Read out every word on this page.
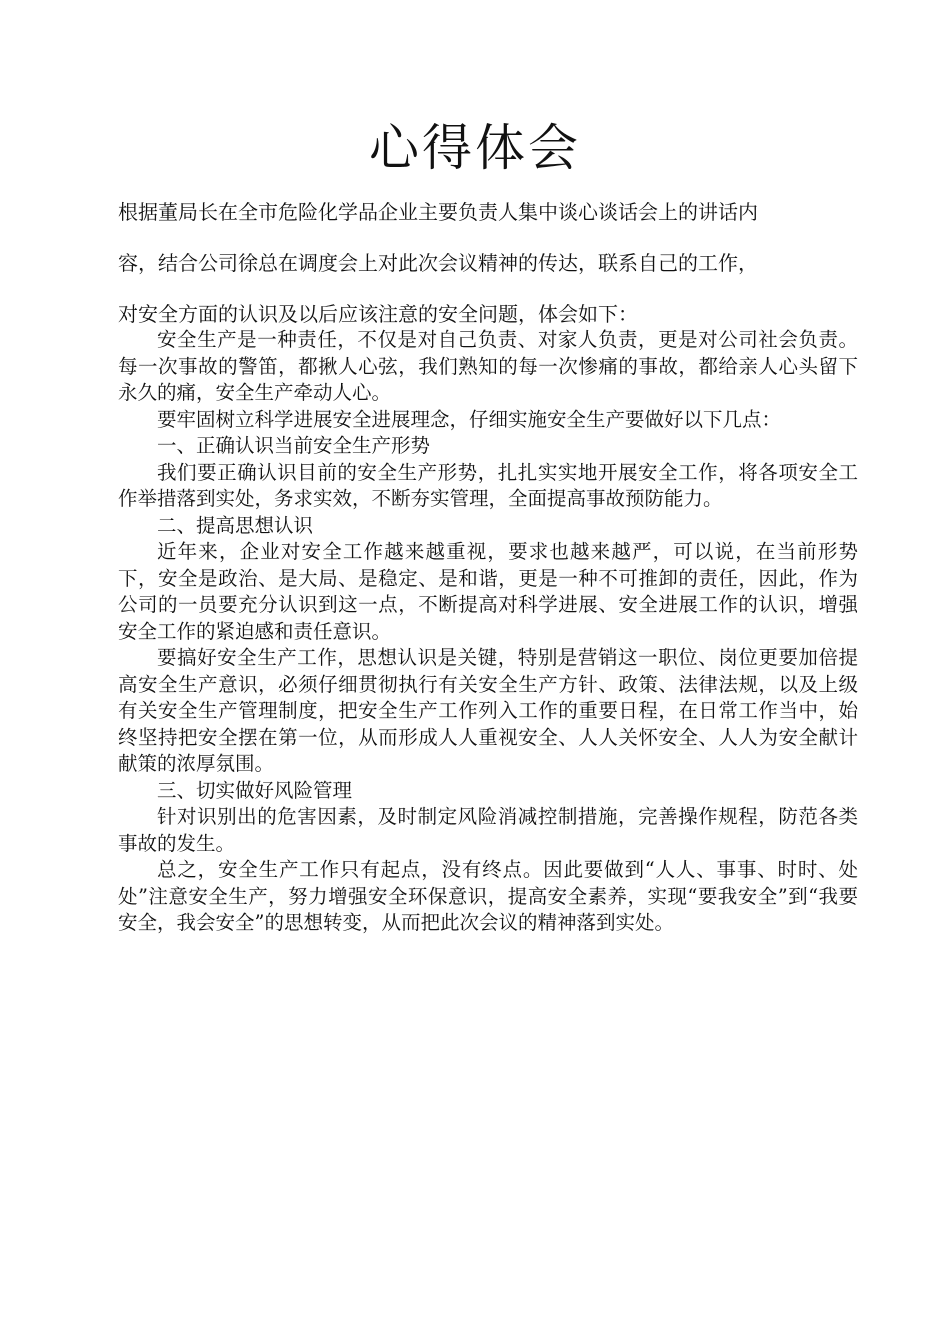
心得体会

根据董局长在全市危险化学品企业主要负责人集中谈心谈话会上的讲话内

容，结合公司徐总在调度会上对此次会议精神的传达，联系自己的工作，

对安全方面的认识及以后应该注意的安全问题，体会如下：

安全生产是一种责任，不仅是对自己负责、对家人负责，更是对公司社会负责。每一次事故的警笛，都揪人心弦，我们熟知的每一次惨痛的事故，都给亲人心头留下永久的痛，安全生产牵动人心。

要牢固树立科学进展安全进展理念，仔细实施安全生产要做好以下几点：

一、正确认识当前安全生产形势

我们要正确认识目前的安全生产形势，扎扎实实地开展安全工作，将各项安全工作举措落到实处，务求实效，不断夯实管理，全面提高事故预防能力。

二、提高思想认识

近年来，企业对安全工作越来越重视，要求也越来越严，可以说，在当前形势下，安全是政治、是大局、是稳定、是和谐，更是一种不可推卸的责任，因此，作为公司的一员要充分认识到这一点，不断提高对科学进展、安全进展工作的认识，增强安全工作的紧迫感和责任意识。

要搞好安全生产工作，思想认识是关键，特别是营销这一职位、岗位更要加倍提高安全生产意识，必须仔细贯彻执行有关安全生产方针、政策、法律法规，以及上级有关安全生产管理制度，把安全生产工作列入工作的重要日程，在日常工作当中，始终坚持把安全摆在第一位，从而形成人人重视安全、人人关怀安全、人人为安全献计献策的浓厚氛围。

三、切实做好风险管理

针对识别出的危害因素，及时制定风险消减控制措施，完善操作规程，防范各类事故的发生。

总之，安全生产工作只有起点，没有终点。因此要做到“人人、事事、时时、处处”注意安全生产，努力增强安全环保意识，提高安全素养，实现“要我安全”到“我要安全，我会安全”的思想转变，从而把此次会议的精神落到实处。
